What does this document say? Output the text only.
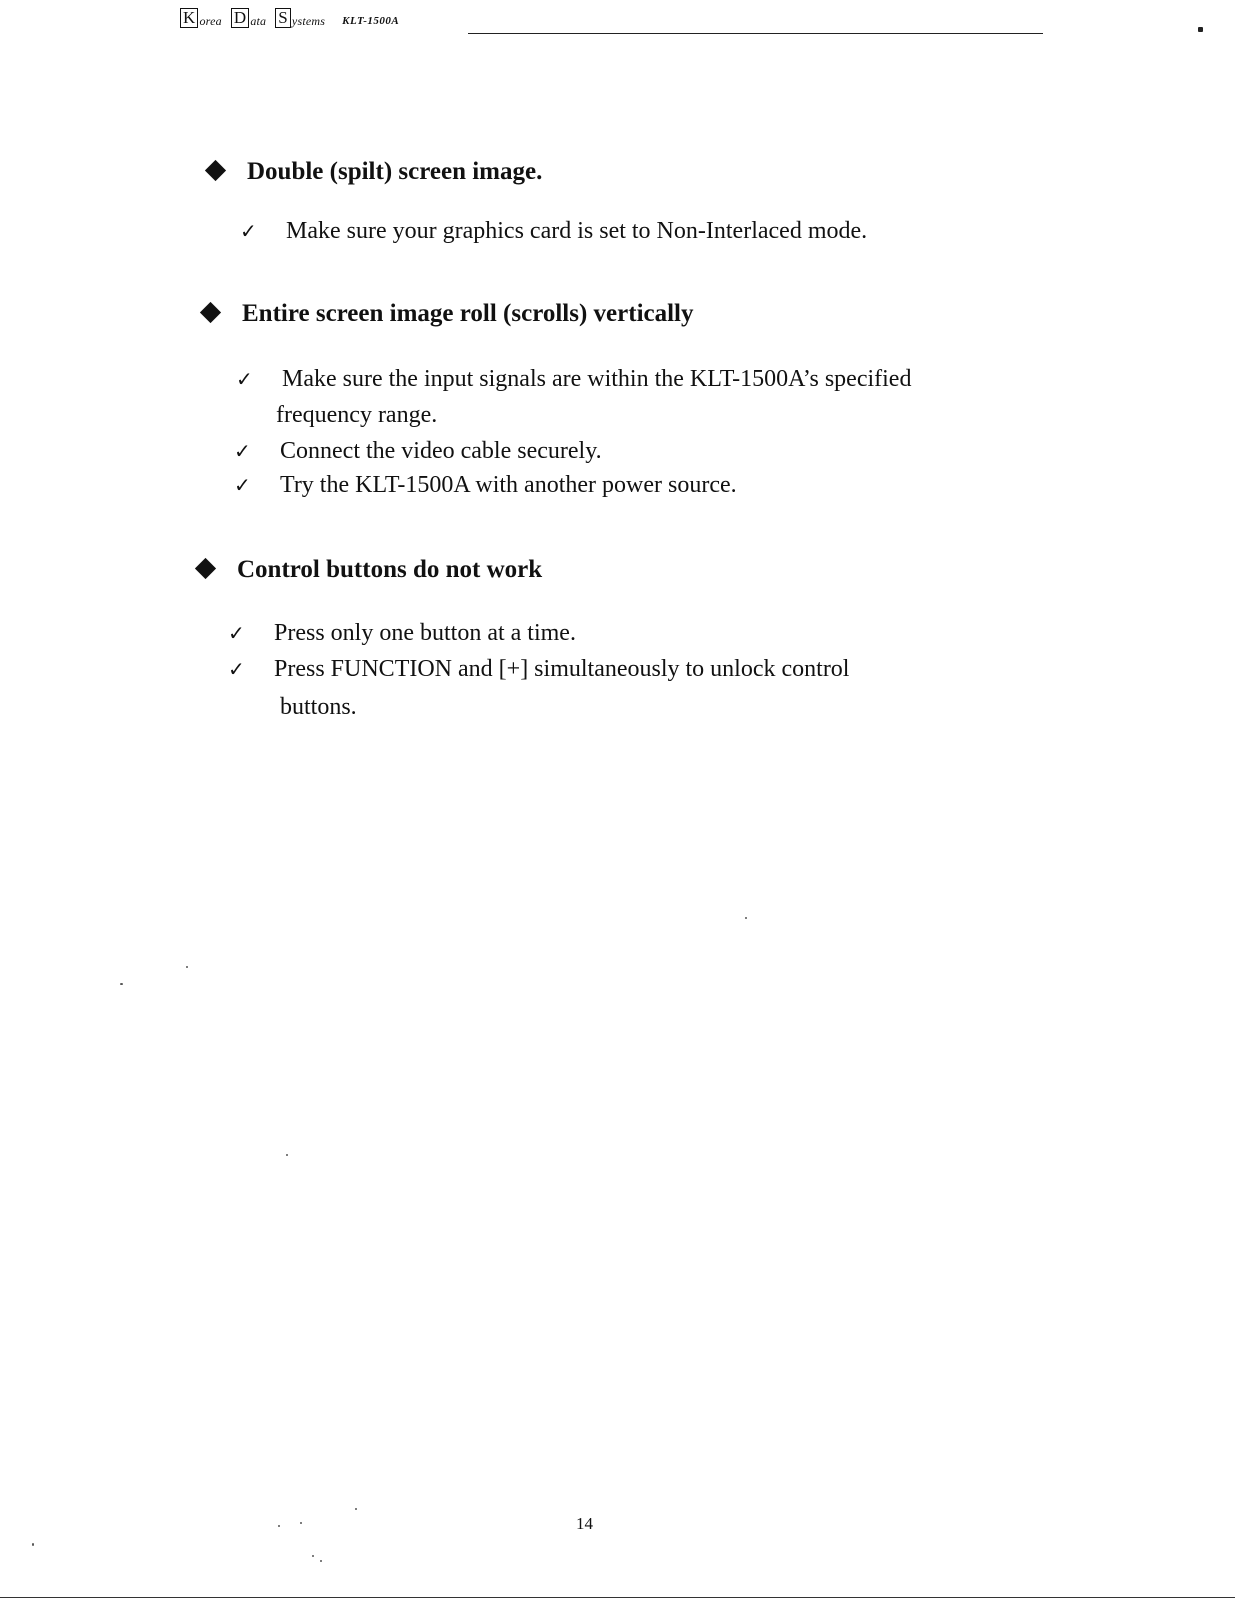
K orea D ata S ystems KLT-1500A
Double (spilt) screen image.
✓ Make sure your graphics card is set to Non-Interlaced mode.
Entire screen image roll (scrolls) vertically
✓ Make sure the input signals are within the KLT-1500A’s specified
frequency range.
✓ Connect the video cable securely.
✓ Try the KLT-1500A with another power source.
Control buttons do not work
✓ Press only one button at a time.
✓ Press FUNCTION and [+] simultaneously to unlock control
buttons.
14
